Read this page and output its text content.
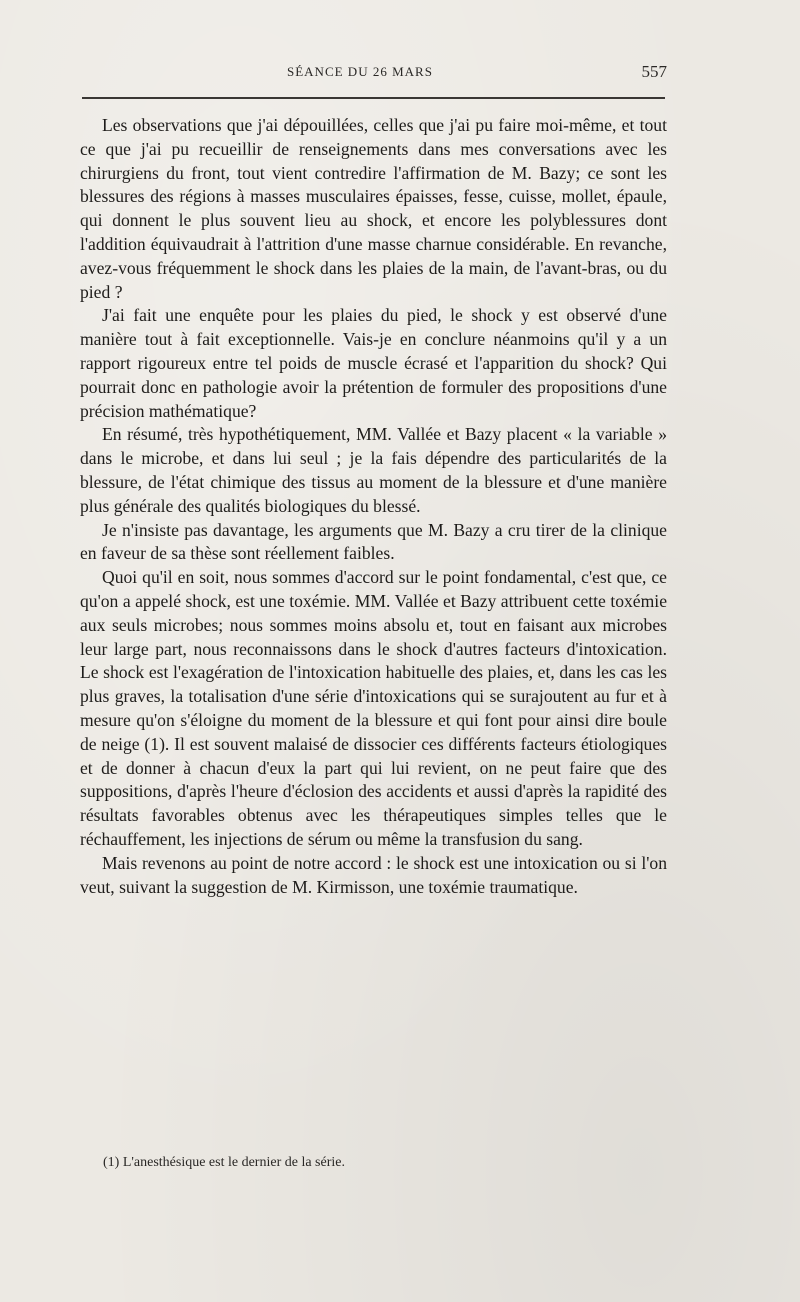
SÉANCE DU 26 MARS	557

Les observations que j'ai dépouillées, celles que j'ai pu faire moi-même, et tout ce que j'ai pu recueillir de renseignements dans mes conversations avec les chirurgiens du front, tout vient contredire l'affirmation de M. Bazy; ce sont les blessures des régions à masses musculaires épaisses, fesse, cuisse, mollet, épaule, qui donnent le plus souvent lieu au shock, et encore les polyblessures dont l'addition équivaudrait à l'attrition d'une masse charnue considérable. En revanche, avez-vous fréquemment le shock dans les plaies de la main, de l'avant-bras, ou du pied ?

J'ai fait une enquête pour les plaies du pied, le shock y est observé d'une manière tout à fait exceptionnelle. Vais-je en conclure néanmoins qu'il y a un rapport rigoureux entre tel poids de muscle écrasé et l'apparition du shock? Qui pourrait donc en pathologie avoir la prétention de formuler des propositions d'une précision mathématique?

En résumé, très hypothétiquement, MM. Vallée et Bazy placent « la variable » dans le microbe, et dans lui seul ; je la fais dépendre des particularités de la blessure, de l'état chimique des tissus au moment de la blessure et d'une manière plus générale des qualités biologiques du blessé.

Je n'insiste pas davantage, les arguments que M. Bazy a cru tirer de la clinique en faveur de sa thèse sont réellement faibles.

Quoi qu'il en soit, nous sommes d'accord sur le point fondamental, c'est que, ce qu'on a appelé shock, est une toxémie. MM. Vallée et Bazy attribuent cette toxémie aux seuls microbes; nous sommes moins absolu et, tout en faisant aux microbes leur large part, nous reconnaissons dans le shock d'autres facteurs d'intoxication. Le shock est l'exagération de l'intoxication habituelle des plaies, et, dans les cas les plus graves, la totalisation d'une série d'intoxications qui se surajoutent au fur et à mesure qu'on s'éloigne du moment de la blessure et qui font pour ainsi dire boule de neige (1). Il est souvent malaisé de dissocier ces différents facteurs étiologiques et de donner à chacun d'eux la part qui lui revient, on ne peut faire que des suppositions, d'après l'heure d'éclosion des accidents et aussi d'après la rapidité des résultats favorables obtenus avec les thérapeutiques simples telles que le réchauffement, les injections de sérum ou même la transfusion du sang.

Mais revenons au point de notre accord : le shock est une intoxication ou si l'on veut, suivant la suggestion de M. Kirmisson, une toxémie traumatique.

(1) L'anesthésique est le dernier de la série.
